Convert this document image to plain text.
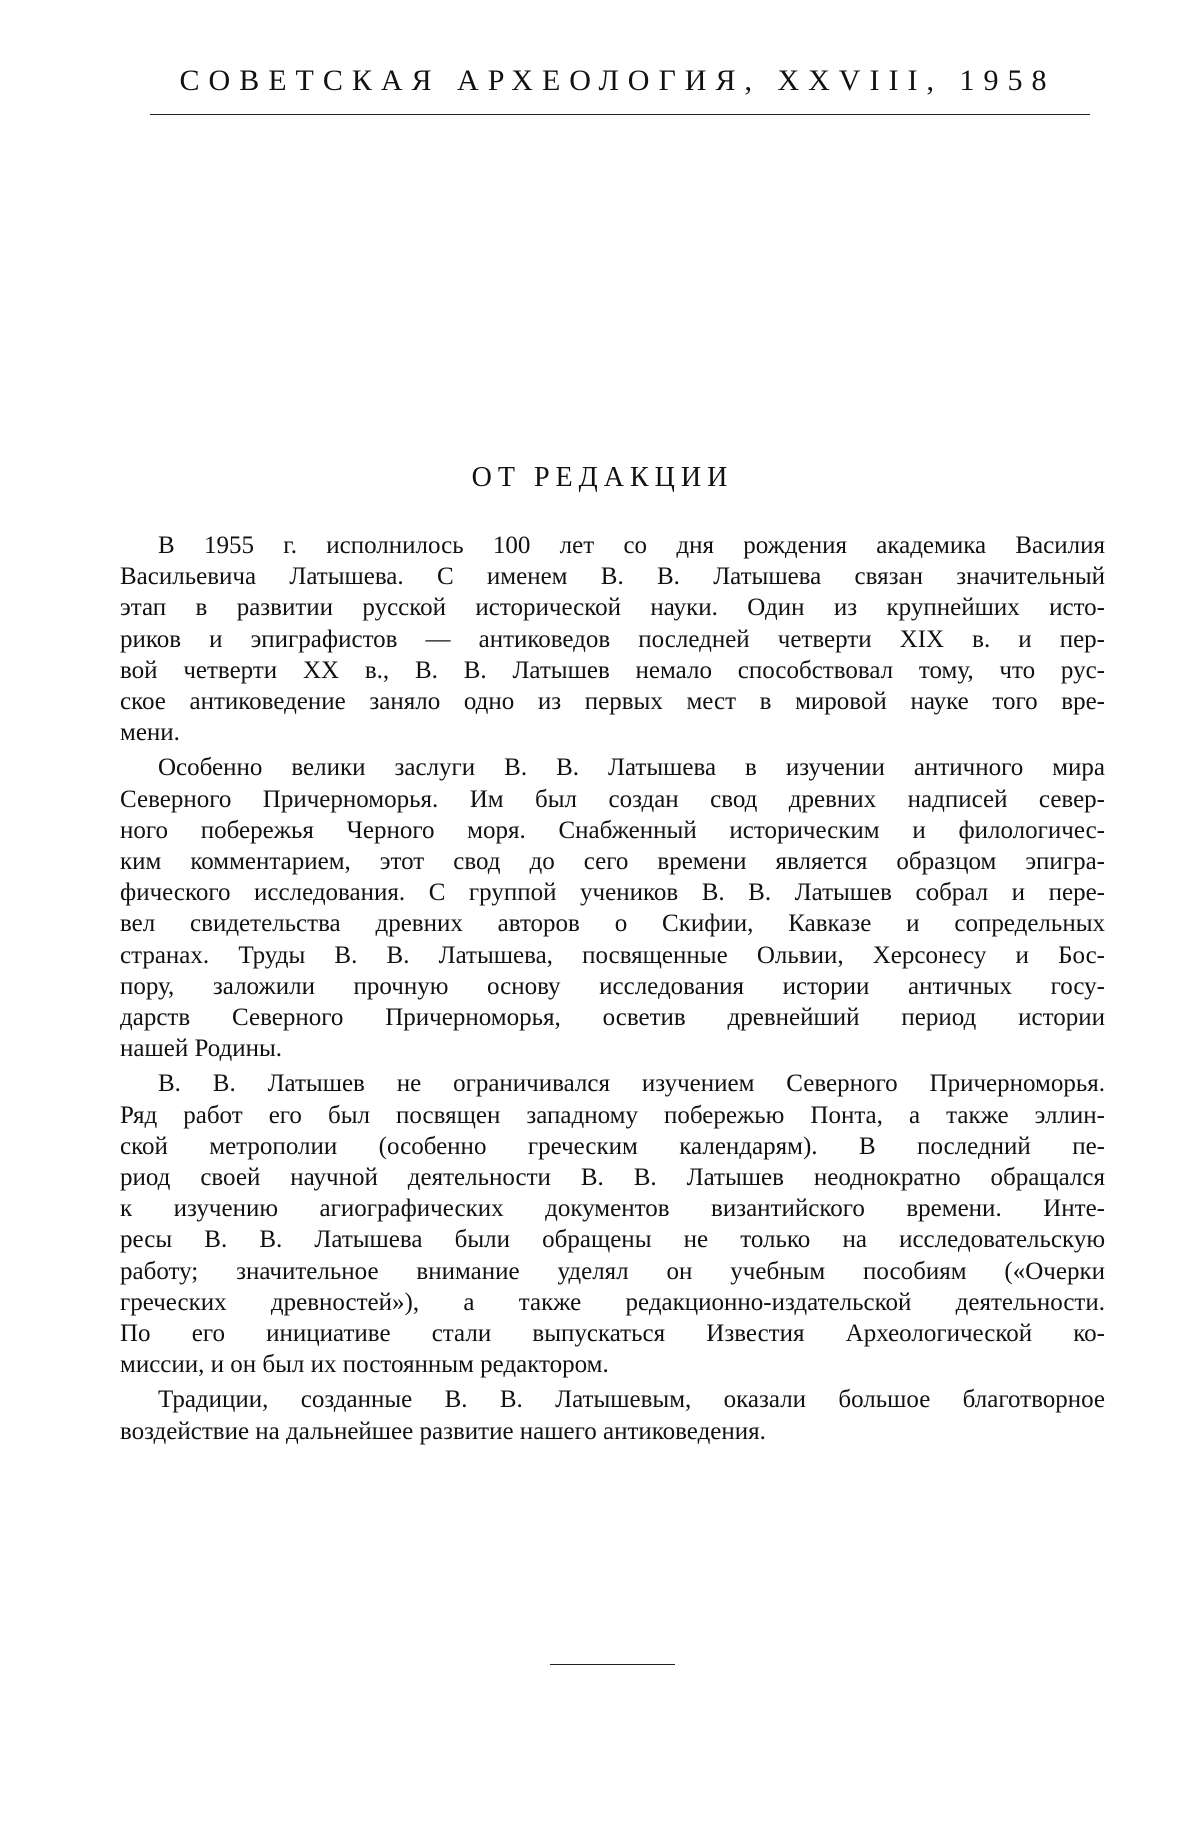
СОВЕТСКАЯ АРХЕОЛОГИЯ, XXVIII, 1958
ОТ РЕДАКЦИИ

В 1955 г. исполнилось 100 лет со дня рождения академика Василия
Васильевича Латышева. С именем В. В. Латышева связан значительный
этап в развитии русской исторической науки. Один из крупнейших исто-
риков и эпиграфистов — антиковедов последней четверти XIX в. и пер-
вой четверти XX в., В. В. Латышев немало способствовал тому, что рус-
ское антиковедение заняло одно из первых мест в мировой науке того вре-
мени.

Особенно велики заслуги В. В. Латышева в изучении античного мира
Северного Причерноморья. Им был создан свод древних надписей север-
ного побережья Черного моря. Снабженный историческим и филологичес-
ким комментарием, этот свод до сего времени является образцом эпигра-
фического исследования. С группой учеников В. В. Латышев собрал и пере-
вел свидетельства древних авторов о Скифии, Кавказе и сопредельных
странах. Труды В. В. Латышева, посвященные Ольвии, Херсонесу и Бос-
пору, заложили прочную основу исследования истории античных госу-
дарств Северного Причерноморья, осветив древнейший период истории
нашей Родины.

В. В. Латышев не ограничивался изучением Северного Причерноморья.
Ряд работ его был посвящен западному побережью Понта, а также эллин-
ской метрополии (особенно греческим календарям). В последний пе-
риод своей научной деятельности В. В. Латышев неоднократно обращался
к изучению агиографических документов византийского времени. Инте-
ресы В. В. Латышева были обращены не только на исследовательскую
работу; значительное внимание уделял он учебным пособиям («Очерки
греческих древностей»), а также редакционно-издательской деятельности.
По его инициативе стали выпускаться Известия Археологической ко-
миссии, и он был их постоянным редактором.

Традиции, созданные В. В. Латышевым, оказали большое благотворное
воздействие на дальнейшее развитие нашего антиковедения.
